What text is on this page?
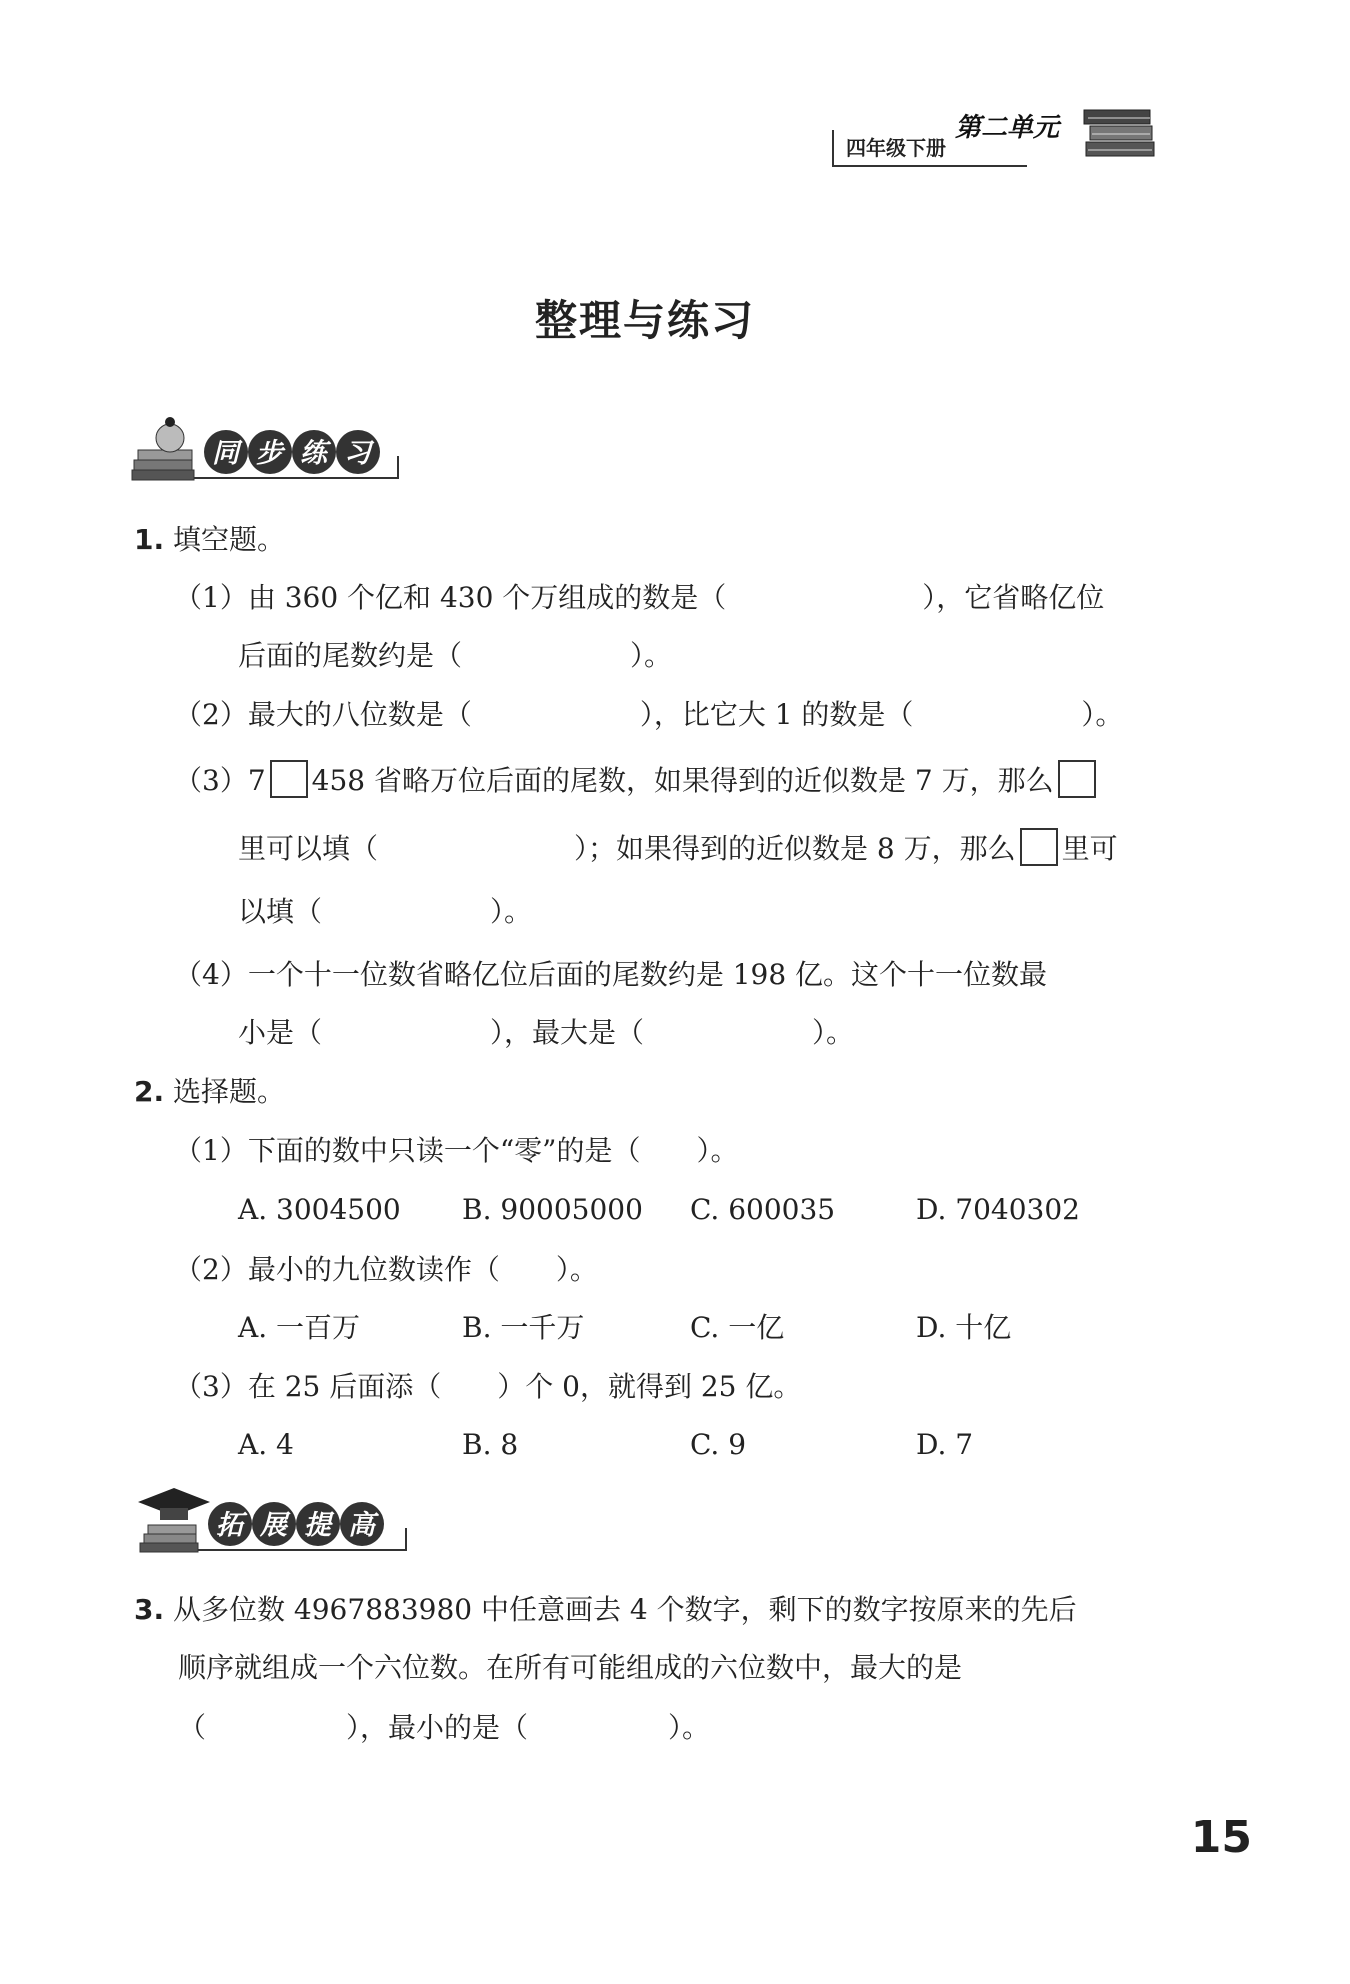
四年级下册
第二单元
整理与练习
同步练习
1. 填空题。
（1）由 360 个亿和 430 个万组成的数是（　　　　　　　），它省略亿位
后面的尾数约是（　　　　　　）。
（2）最大的八位数是（　　　　　　），比它大 1 的数是（　　　　　　）。
（3）7 458 省略万位后面的尾数，如果得到的近似数是 7 万，那么
里可以填（　　　　　　　）；如果得到的近似数是 8 万，那么 里可
以填（　　　　　　）。
（4）一个十一位数省略亿位后面的尾数约是 198 亿。这个十一位数最
小是（　　　　　　），最大是（　　　　　　）。
2. 选择题。
（1）下面的数中只读一个“零”的是（　　）。
A. 3004500 B. 90005000 C. 600035	D. 7040302
（2）最小的九位数读作（　　）。
A. 一百万	B. 一千万	C. 一亿	D. 十亿
（3）在 25 后面添（　　）个 0，就得到 25 亿。
A. 4	B. 8	C. 9	D. 7
拓展提高
3. 从多位数 4967883980 中任意画去 4 个数字，剩下的数字按原来的先后
顺序就组成一个六位数。在所有可能组成的六位数中，最大的是
（　　　　　），最小的是（　　　　　）。
15
